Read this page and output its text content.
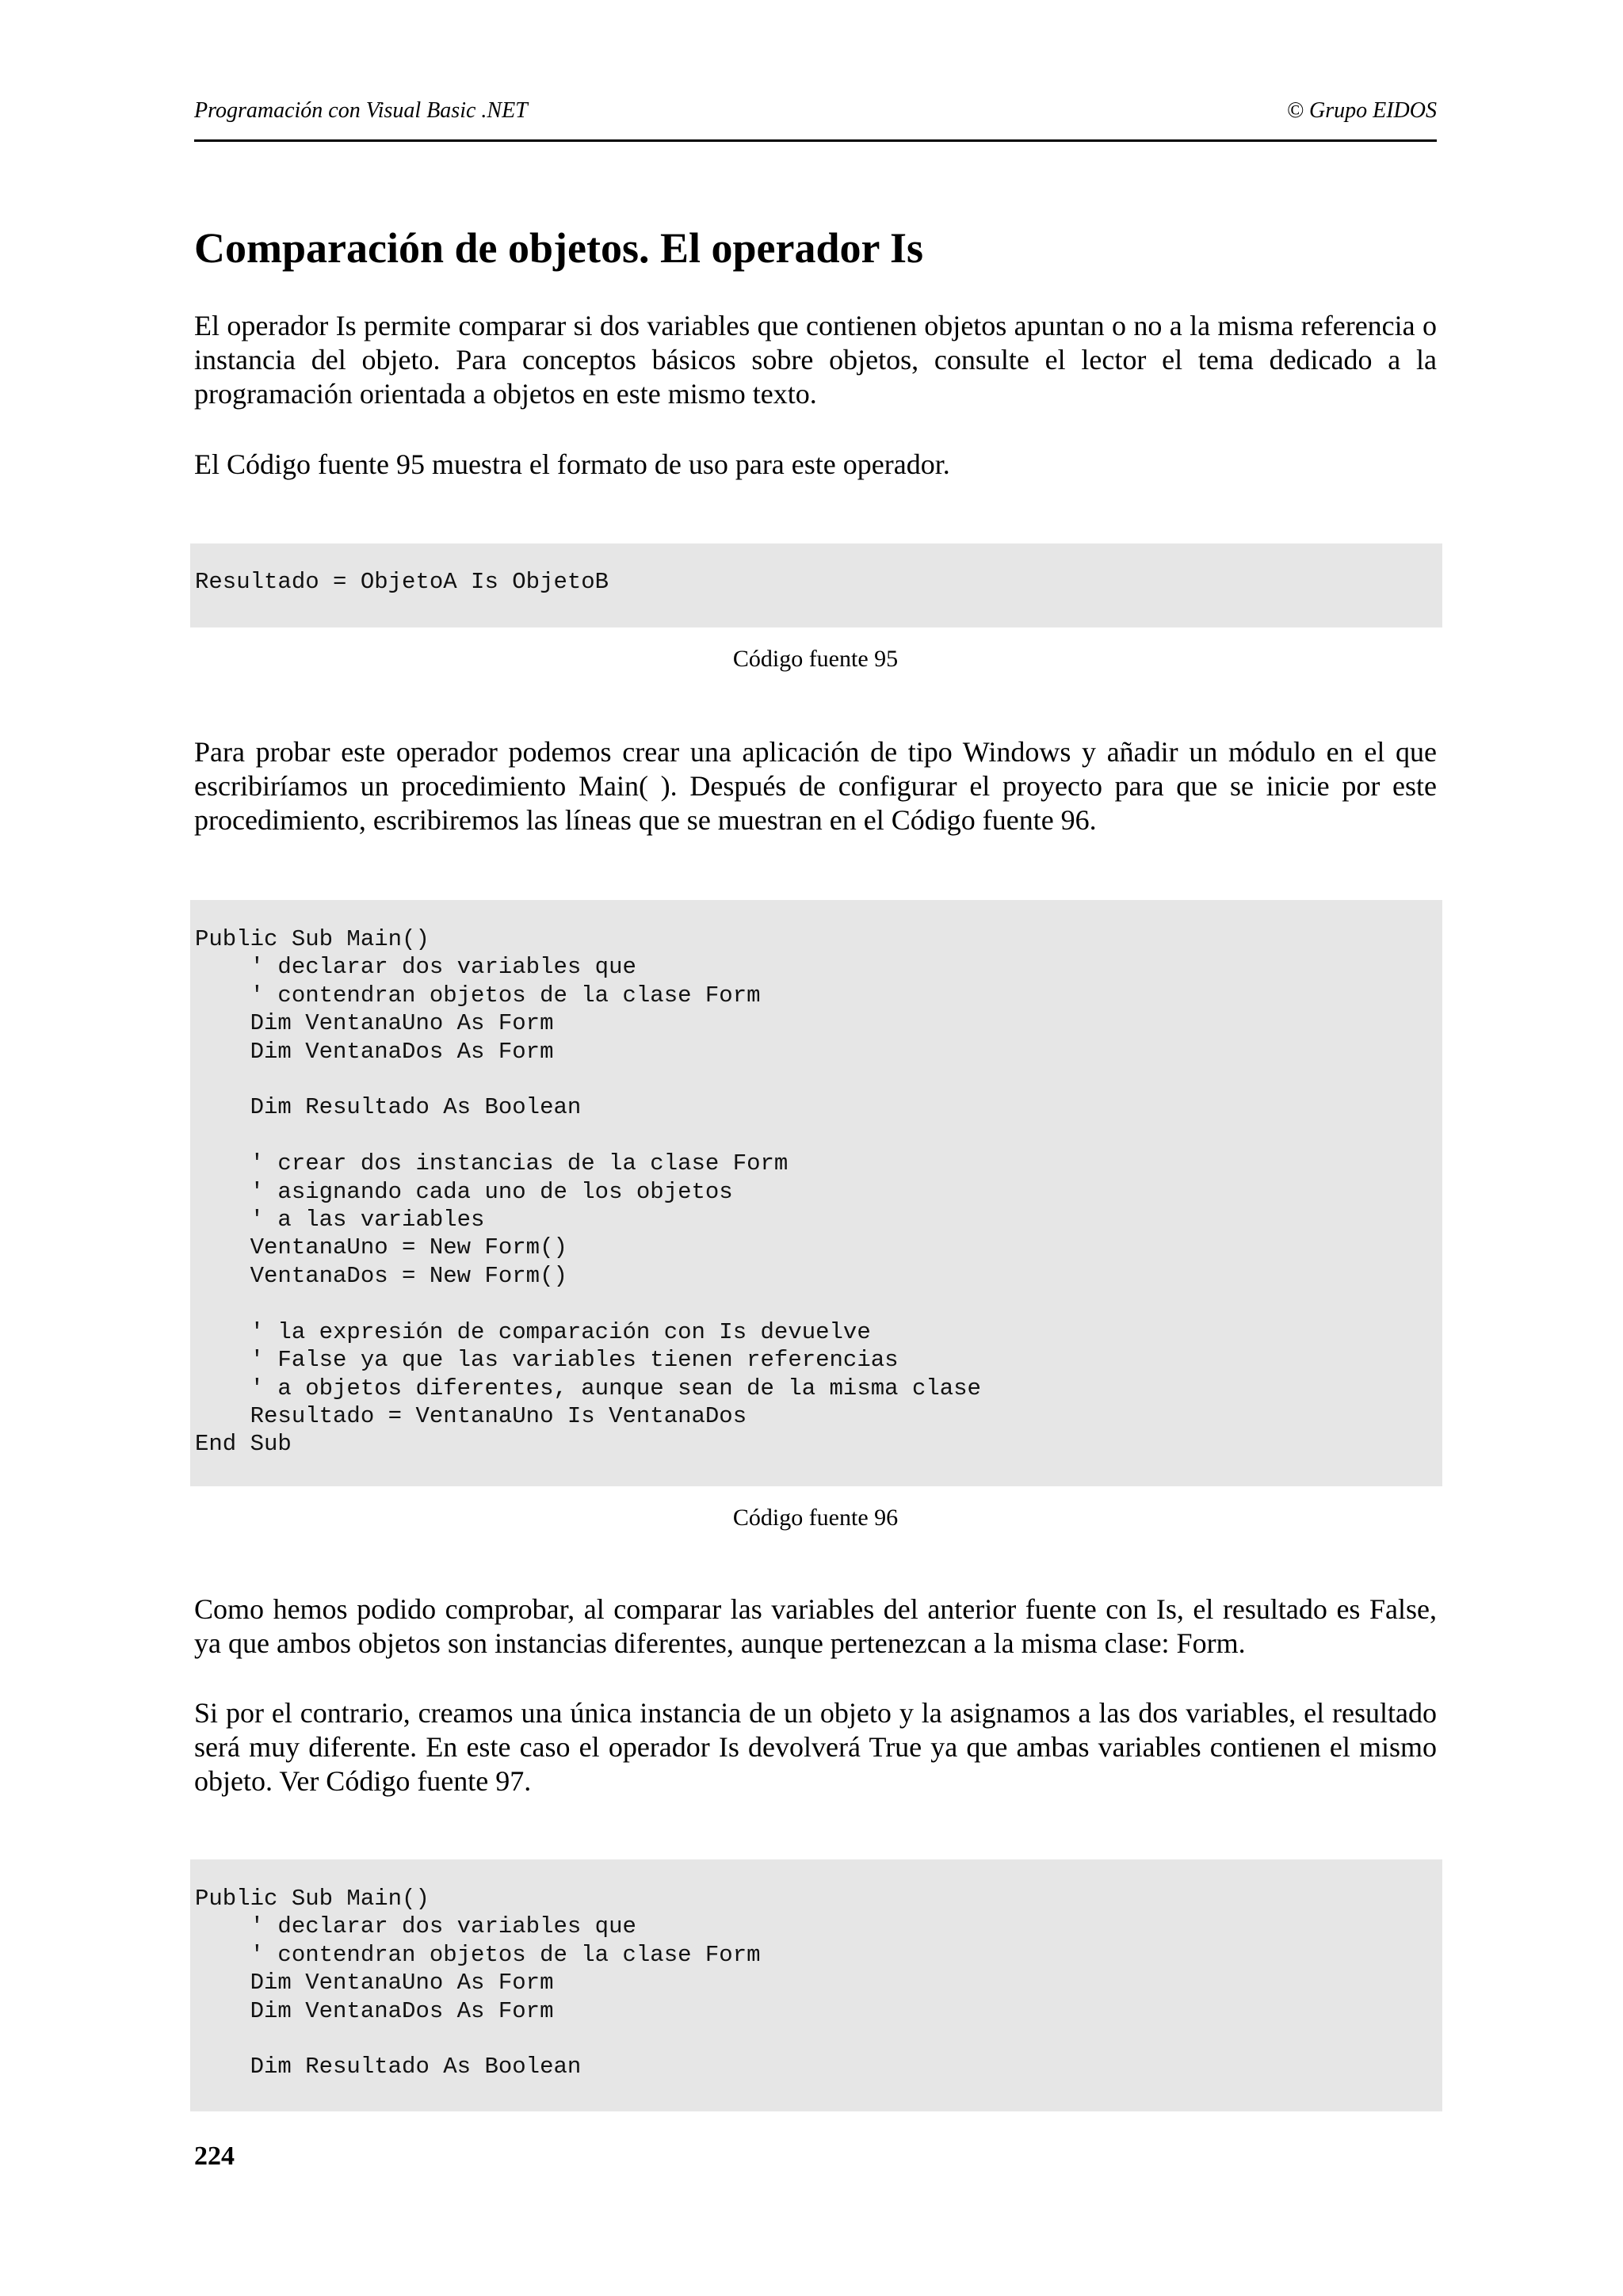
Programación con Visual Basic .NET	© Grupo EIDOS
Comparación de objetos. El operador Is

El operador Is permite comparar si dos variables que contienen objetos apuntan o no a la misma referencia o instancia del objeto. Para conceptos básicos sobre objetos, consulte el lector el tema dedicado a la programación orientada a objetos en este mismo texto.

El Código fuente 95 muestra el formato de uso para este operador.

Resultado = ObjetoA Is ObjetoB
Código fuente 95

Para probar este operador podemos crear una aplicación de tipo Windows y añadir un módulo en el que escribiríamos un procedimiento Main( ). Después de configurar el proyecto para que se inicie por este procedimiento, escribiremos las líneas que se muestran en el Código fuente 96.

Public Sub Main()
' declarar dos variables que
' contendran objetos de la clase Form
Dim VentanaUno As Form
Dim VentanaDos As Form

Dim Resultado As Boolean

' crear dos instancias de la clase Form
' asignando cada uno de los objetos
' a las variables
VentanaUno = New Form()
VentanaDos = New Form()

' la expresión de comparación con Is devuelve
' False ya que las variables tienen referencias
' a objetos diferentes, aunque sean de la misma clase
Resultado = VentanaUno Is VentanaDos
End Sub
Código fuente 96

Como hemos podido comprobar, al comparar las variables del anterior fuente con Is, el resultado es False, ya que ambos objetos son instancias diferentes, aunque pertenezcan a la misma clase: Form.

Si por el contrario, creamos una única instancia de un objeto y la asignamos a las dos variables, el resultado será muy diferente. En este caso el operador Is devolverá True ya que ambas variables contienen el mismo objeto. Ver Código fuente 97.

Public Sub Main()
' declarar dos variables que
' contendran objetos de la clase Form
Dim VentanaUno As Form
Dim VentanaDos As Form

Dim Resultado As Boolean
224
